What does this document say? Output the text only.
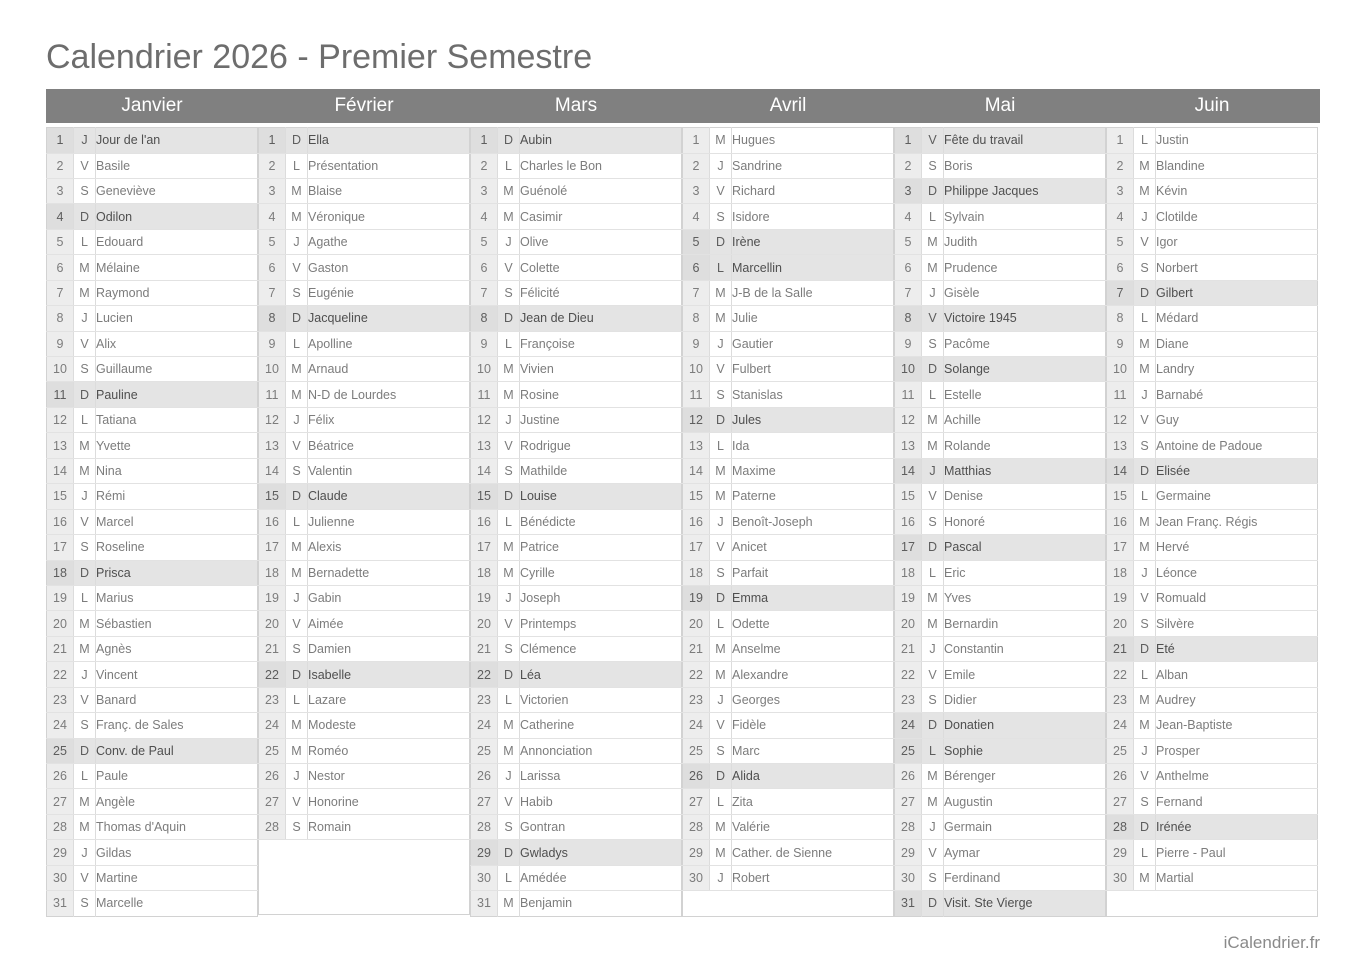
Calendrier 2026 - Premier Semestre
Janvier	Février	Mars	Avril	Mai	Juin
1	J	Jour de l'an
2	V	Basile
3	S	Geneviève
4	D	Odilon
5	L	Edouard
6	M	Mélaine
7	M	Raymond
8	J	Lucien
9	V	Alix
10	S	Guillaume
11	D	Pauline
12	L	Tatiana
13	M	Yvette
14	M	Nina
15	J	Rémi
16	V	Marcel
17	S	Roseline
18	D	Prisca
19	L	Marius
20	M	Sébastien
21	M	Agnès
22	J	Vincent
23	V	Banard
24	S	Franç. de Sales
25	D	Conv. de Paul
26	L	Paule
27	M	Angèle
28	M	Thomas d'Aquin
29	J	Gildas
30	V	Martine
31	S	Marcelle
1	D	Ella
2	L	Présentation
3	M	Blaise
4	M	Véronique
5	J	Agathe
6	V	Gaston
7	S	Eugénie
8	D	Jacqueline
9	L	Apolline
10	M	Arnaud
11	M	N-D de Lourdes
12	J	Félix
13	V	Béatrice
14	S	Valentin
15	D	Claude
16	L	Julienne
17	M	Alexis
18	M	Bernadette
19	J	Gabin
20	V	Aimée
21	S	Damien
22	D	Isabelle
23	L	Lazare
24	M	Modeste
25	M	Roméo
26	J	Nestor
27	V	Honorine
28	S	Romain

1	D	Aubin
2	L	Charles le Bon
3	M	Guénolé
4	M	Casimir
5	J	Olive
6	V	Colette
7	S	Félicité
8	D	Jean de Dieu
9	L	Françoise
10	M	Vivien
11	M	Rosine
12	J	Justine
13	V	Rodrigue
14	S	Mathilde
15	D	Louise
16	L	Bénédicte
17	M	Patrice
18	M	Cyrille
19	J	Joseph
20	V	Printemps
21	S	Clémence
22	D	Léa
23	L	Victorien
24	M	Catherine
25	M	Annonciation
26	J	Larissa
27	V	Habib
28	S	Gontran
29	D	Gwladys
30	L	Amédée
31	M	Benjamin
1	M	Hugues
2	J	Sandrine
3	V	Richard
4	S	Isidore
5	D	Irène
6	L	Marcellin
7	M	J-B de la Salle
8	M	Julie
9	J	Gautier
10	V	Fulbert
11	S	Stanislas
12	D	Jules
13	L	Ida
14	M	Maxime
15	M	Paterne
16	J	Benoît-Joseph
17	V	Anicet
18	S	Parfait
19	D	Emma
20	L	Odette
21	M	Anselme
22	M	Alexandre
23	J	Georges
24	V	Fidèle
25	S	Marc
26	D	Alida
27	L	Zita
28	M	Valérie
29	M	Cather. de Sienne
30	J	Robert

1	V	Fête du travail
2	S	Boris
3	D	Philippe Jacques
4	L	Sylvain
5	M	Judith
6	M	Prudence
7	J	Gisèle
8	V	Victoire 1945
9	S	Pacôme
10	D	Solange
11	L	Estelle
12	M	Achille
13	M	Rolande
14	J	Matthias
15	V	Denise
16	S	Honoré
17	D	Pascal
18	L	Eric
19	M	Yves
20	M	Bernardin
21	J	Constantin
22	V	Emile
23	S	Didier
24	D	Donatien
25	L	Sophie
26	M	Bérenger
27	M	Augustin
28	J	Germain
29	V	Aymar
30	S	Ferdinand
31	D	Visit. Ste Vierge
1	L	Justin
2	M	Blandine
3	M	Kévin
4	J	Clotilde
5	V	Igor
6	S	Norbert
7	D	Gilbert
8	L	Médard
9	M	Diane
10	M	Landry
11	J	Barnabé
12	V	Guy
13	S	Antoine de Padoue
14	D	Elisée
15	L	Germaine
16	M	Jean Franç. Régis
17	M	Hervé
18	J	Léonce
19	V	Romuald
20	S	Silvère
21	D	Eté
22	L	Alban
23	M	Audrey
24	M	Jean-Baptiste
25	J	Prosper
26	V	Anthelme
27	S	Fernand
28	D	Irénée
29	L	Pierre - Paul
30	M	Martial

iCalendrier.fr
